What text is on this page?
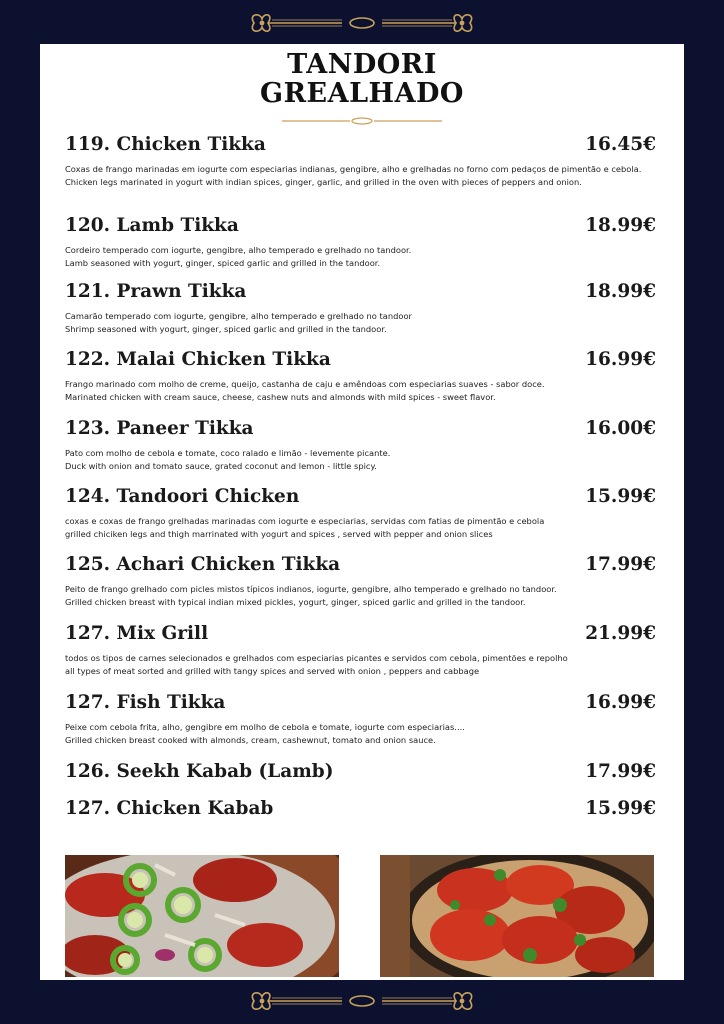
TANDORI
GREALHADO
119. Chicken Tikka	16.45€
Coxas de frango marinadas em iogurte com especiarias indianas, gengibre, alho e grelhadas no forno com pedaços de pimentão e cebola.
Chicken legs marinated in yogurt with indian spices, ginger, garlic, and grilled in the oven with pieces of peppers and onion.
120. Lamb Tikka	18.99€
Cordeiro temperado com iogurte, gengibre, alho temperado e grelhado no tandoor.
Lamb seasoned with yogurt, ginger, spiced garlic and grilled in the tandoor.
121. Prawn Tikka	18.99€
Camarão temperado com iogurte, gengibre, alho temperado e grelhado no tandoor
Shrimp seasoned with yogurt, ginger, spiced garlic and grilled in the tandoor.
122. Malai Chicken Tikka	16.99€
Frango marinado com molho de creme, queijo, castanha de caju e amêndoas com especiarias suaves - sabor doce.
Marinated chicken with cream sauce, cheese, cashew nuts and almonds with mild spices - sweet flavor.
123. Paneer Tikka	16.00€
Pato com molho de cebola e tomate, coco ralado e limão - levemente picante.
Duck with onion and tomato sauce, grated coconut and lemon - little spicy.
124. Tandoori Chicken	15.99€
coxas e coxas de frango grelhadas marinadas com iogurte e especiarias, servidas com fatias de pimentão e cebola
grilled chiciken legs and thigh marrinated with yogurt and spices , served with pepper and onion slices
125. Achari Chicken Tikka	17.99€
Peito de frango grelhado com picles mistos típicos indianos, iogurte, gengibre, alho temperado e grelhado no tandoor.
Grilled chicken breast with typical indian mixed pickles, yogurt, ginger, spiced garlic and grilled in the tandoor.
127. Mix Grill	21.99€
todos os tipos de carnes selecionados e grelhados com especiarias picantes e servidos com cebola, pimentões e repolho
all types of meat sorted and grilled with tangy spices and served with onion , peppers and cabbage
127. Fish Tikka	16.99€
Peixe com cebola frita, alho, gengibre em molho de cebola e tomate, iogurte com especiarias....
Grilled chicken breast cooked with almonds, cream, cashewnut, tomato and onion sauce.
126. Seekh Kabab (Lamb)	17.99€
127. Chicken Kabab	15.99€
